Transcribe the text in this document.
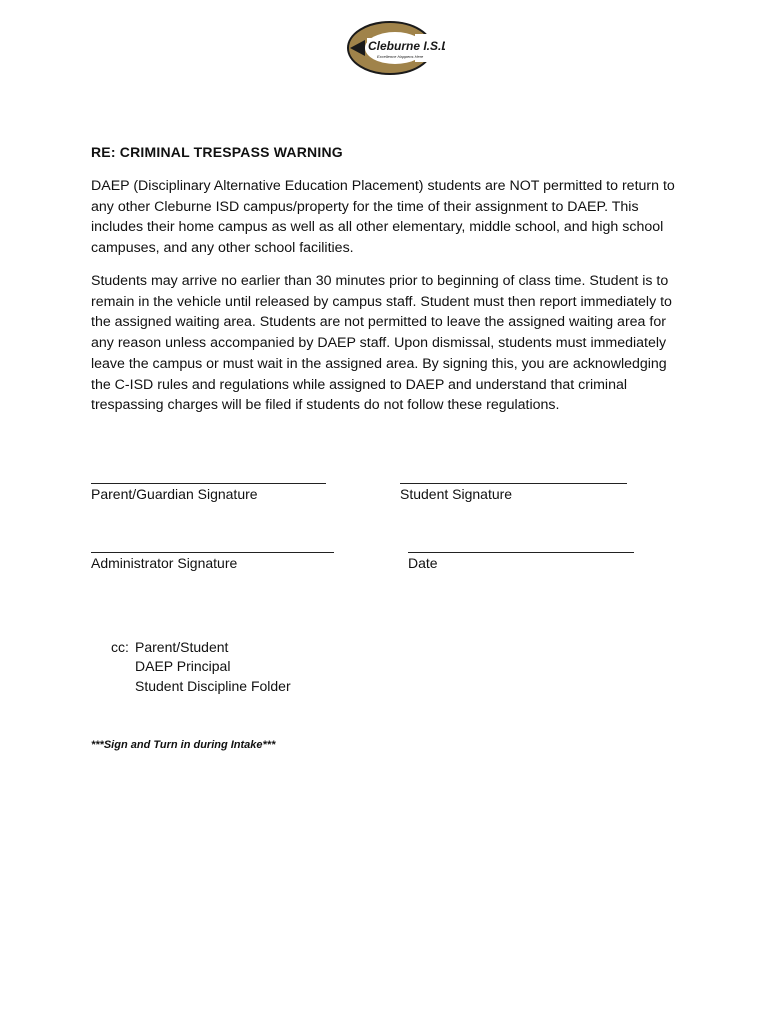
Cleburne I.S.D.
Excellence Happens Here
RE: CRIMINAL TRESPASS WARNING

DAEP (Disciplinary Alternative Education Placement) students are NOT permitted to return to any other Cleburne ISD campus/property for the time of their assignment to DAEP. This includes their home campus as well as all other elementary, middle school, and high school campuses, and any other school facilities.

Students may arrive no earlier than 30 minutes prior to beginning of class time. Student is to remain in the vehicle until released by campus staff. Student must then report immediately to the assigned waiting area. Students are not permitted to leave the assigned waiting area for any reason unless accompanied by DAEP staff. Upon dismissal, students must immediately leave the campus or must wait in the assigned area. By signing this, you are acknowledging the C-ISD rules and regulations while assigned to DAEP and understand that criminal trespassing charges will be filed if students do not follow these regulations.

Parent/Guardian Signature	Student Signature
Administrator Signature	Date
cc: Parent/Student
DAEP Principal
Student Discipline Folder
***Sign and Turn in during Intake***
